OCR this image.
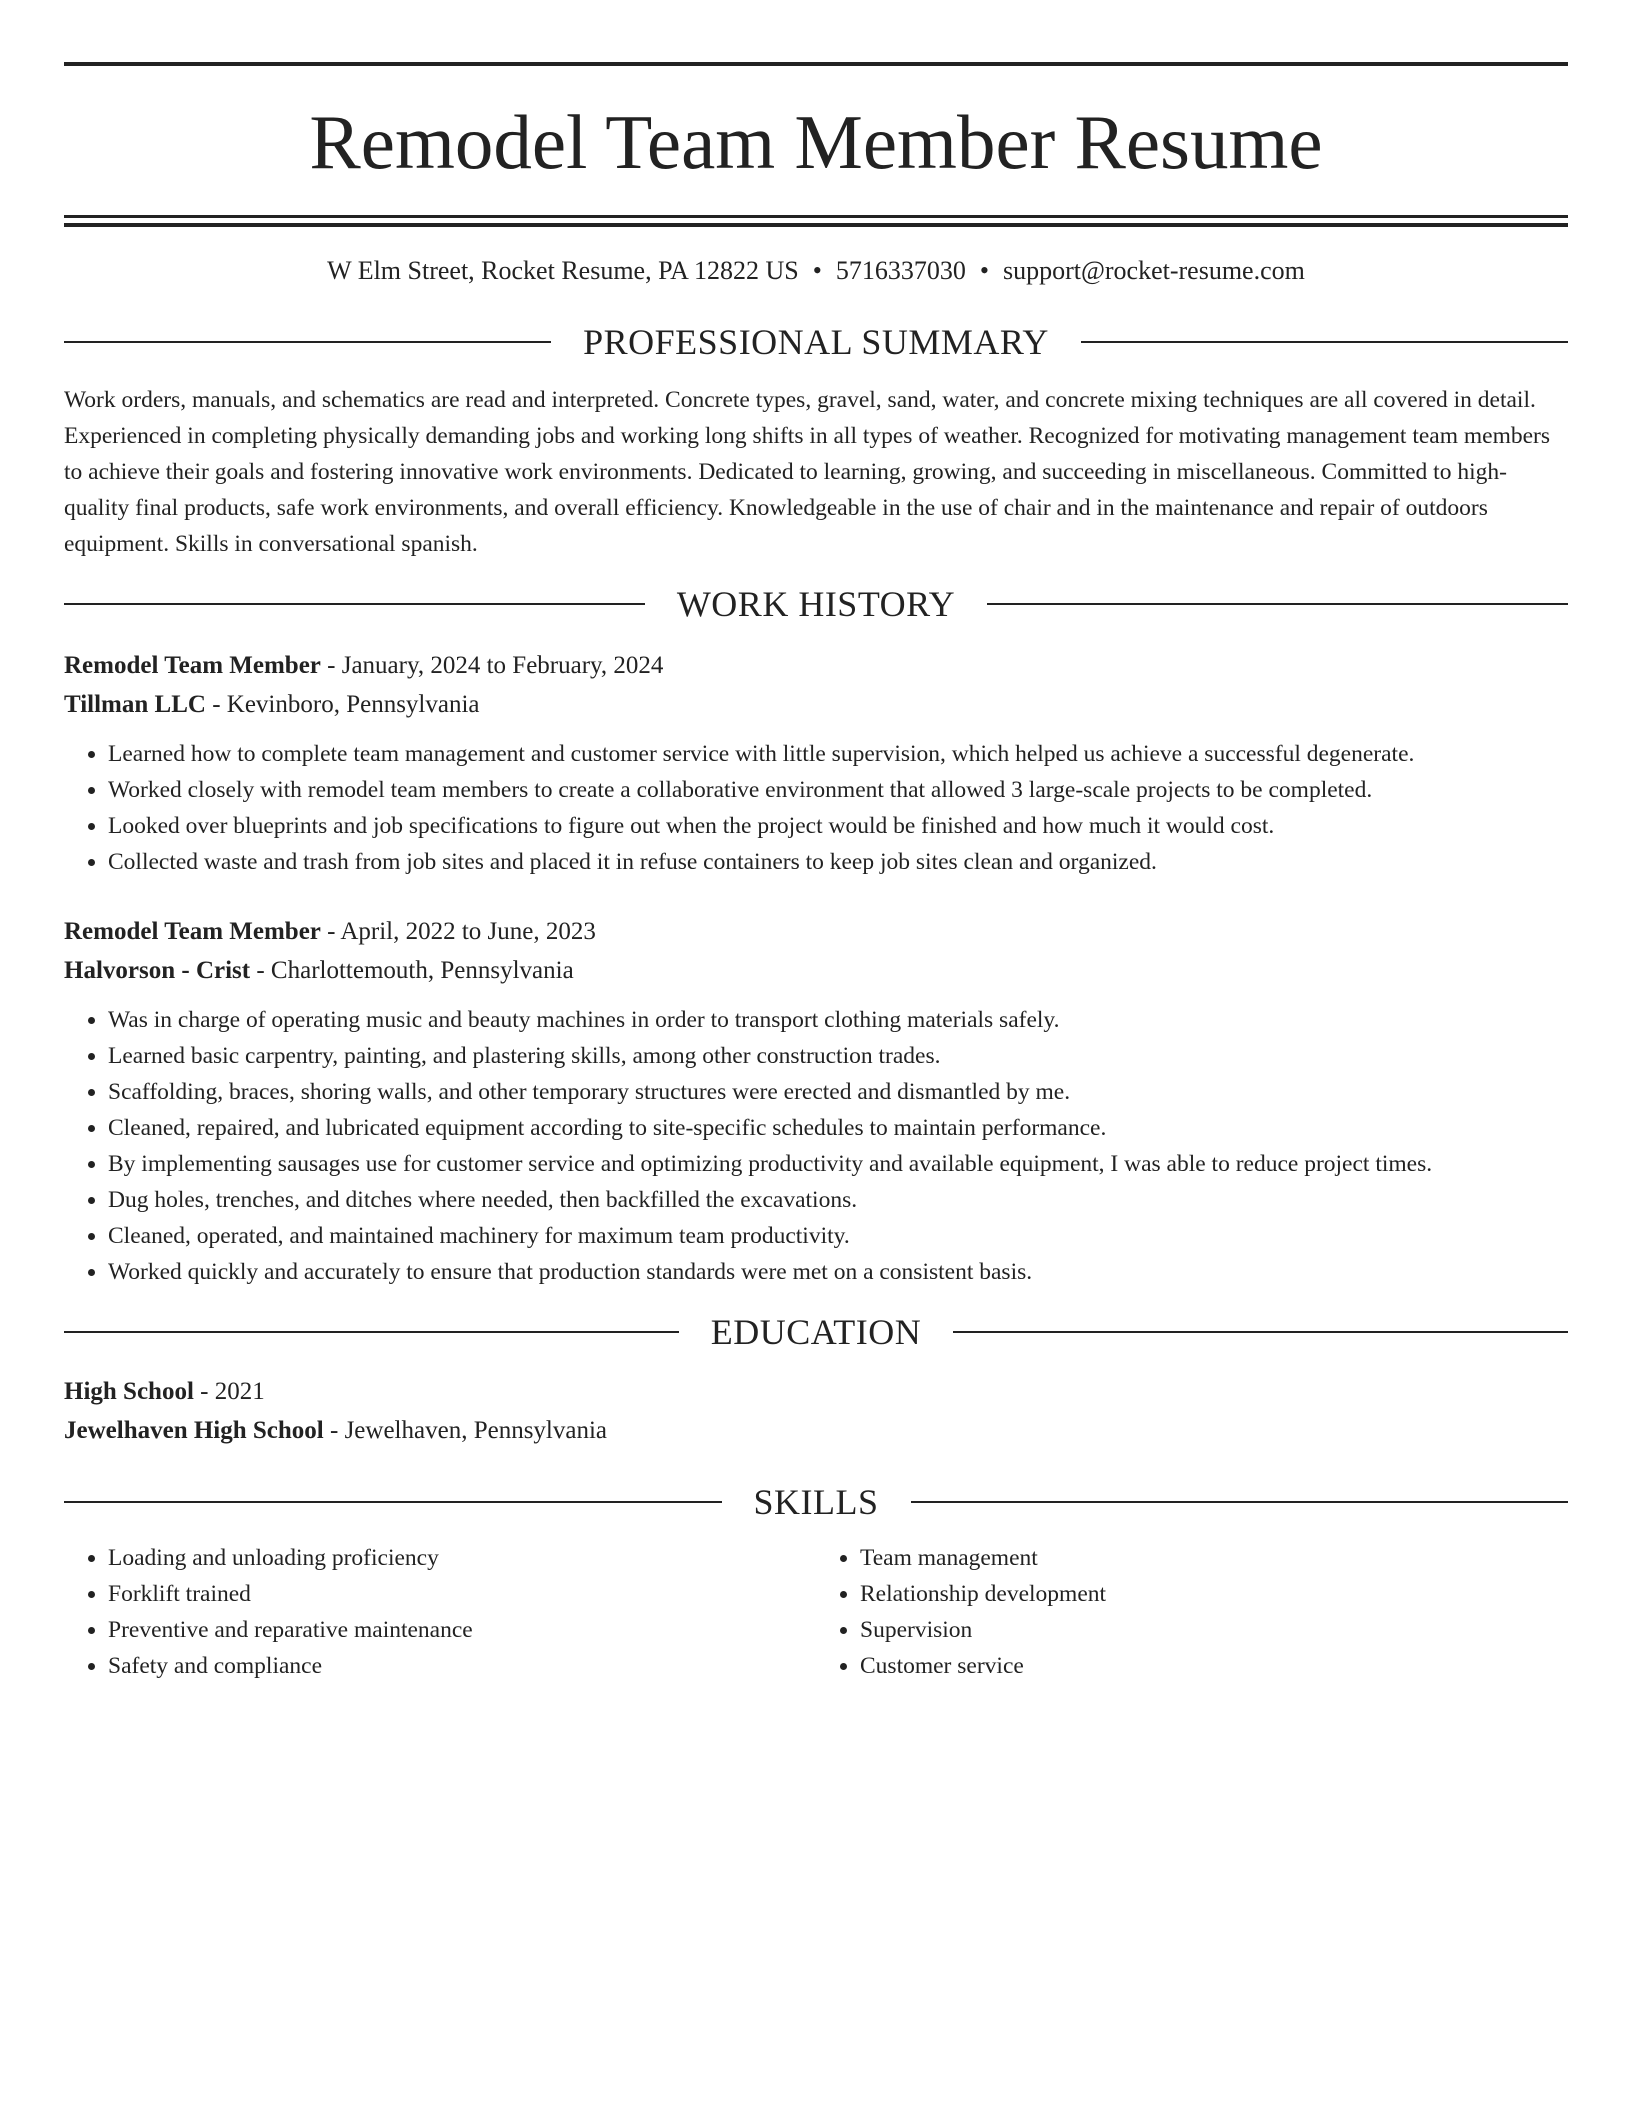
Remodel Team Member Resume
W Elm Street, Rocket Resume, PA 12822 US • 5716337030 • support@rocket-resume.com
PROFESSIONAL SUMMARY

Work orders, manuals, and schematics are read and interpreted. Concrete types, gravel, sand, water, and concrete mixing techniques are all covered in detail. Experienced in completing physically demanding jobs and working long shifts in all types of weather. Recognized for motivating management team members to achieve their goals and fostering innovative work environments. Dedicated to learning, growing, and succeeding in miscellaneous. Committed to high-quality final products, safe work environments, and overall efficiency. Knowledgeable in the use of chair and in the maintenance and repair of outdoors equipment. Skills in conversational spanish.

WORK HISTORY
Remodel Team Member - January, 2024 to February, 2024
Tillman LLC - Kevinboro, Pennsylvania
• Learned how to complete team management and customer service with little supervision, which helped us achieve a successful degenerate.
• Worked closely with remodel team members to create a collaborative environment that allowed 3 large-scale projects to be completed.
• Looked over blueprints and job specifications to figure out when the project would be finished and how much it would cost.
• Collected waste and trash from job sites and placed it in refuse containers to keep job sites clean and organized.
Remodel Team Member - April, 2022 to June, 2023
Halvorson - Crist - Charlottemouth, Pennsylvania
• Was in charge of operating music and beauty machines in order to transport clothing materials safely.
• Learned basic carpentry, painting, and plastering skills, among other construction trades.
• Scaffolding, braces, shoring walls, and other temporary structures were erected and dismantled by me.
• Cleaned, repaired, and lubricated equipment according to site-specific schedules to maintain performance.
• By implementing sausages use for customer service and optimizing productivity and available equipment, I was able to reduce project times.
• Dug holes, trenches, and ditches where needed, then backfilled the excavations.
• Cleaned, operated, and maintained machinery for maximum team productivity.
• Worked quickly and accurately to ensure that production standards were met on a consistent basis.
EDUCATION
High School - 2021
Jewelhaven High School - Jewelhaven, Pennsylvania
SKILLS
• Loading and unloading proficiency
• Forklift trained
• Preventive and reparative maintenance
• Safety and compliance
• Team management
• Relationship development
• Supervision
• Customer service
